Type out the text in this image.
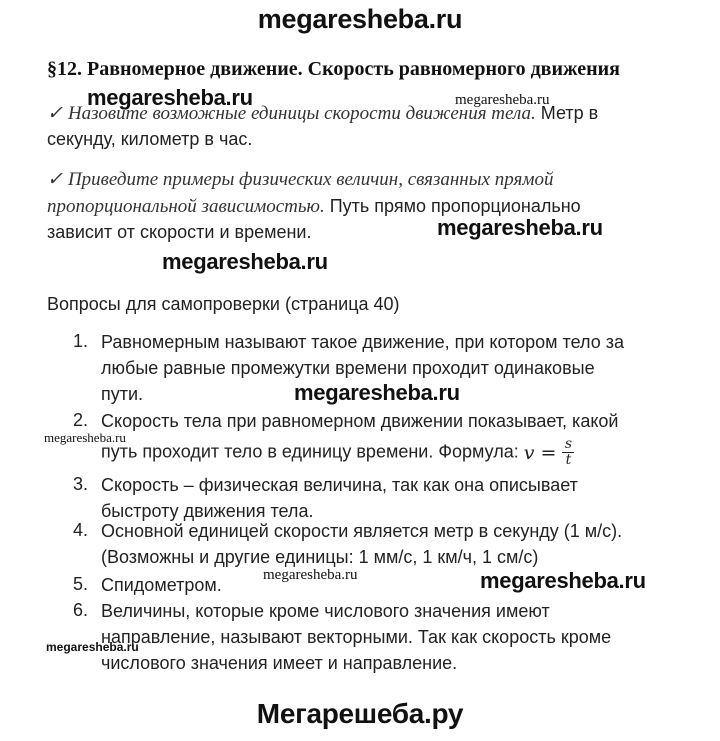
megaresheba.ru
§12. Равномерное движение. Скорость равномерного движения
✓ Назовите возможные единицы скорости движения тела. Метр в
секунду, километр в час.
✓ Приведите примеры физических величин, связанных прямой
пропорциональной зависимостью. Путь прямо пропорционально
зависит от скорости и времени.
Вопросы для самопроверки (страница 40)
1. Равномерным называют такое движение, при котором тело за
любые равные промежутки времени проходит одинаковые
пути.
2. Скорость тела при равномерном движении показывает, какой
путь проходит тело в единицу времени. Формула: $v = \frac{s}{t}$
3. Скорость – физическая величина, так как она описывает
быстроту движения тела.
4. Основной единицей скорости является метр в секунду (1 м/с).
(Возможны и другие единицы: 1 мм/с, 1 км/ч, 1 см/с)
5. Спидометром.
6. Величины, которые кроме числового значения имеют
направление, называют векторными. Так как скорость кроме
числового значения имеет и направление.
megaresheba.ru	megaresheba.ru
megaresheba.ru
megaresheba.ru
megaresheba.ru
megaresheba.ru
megaresheba.ru	megaresheba.ru
megaresheba.ru
Мегарешеба.ру
